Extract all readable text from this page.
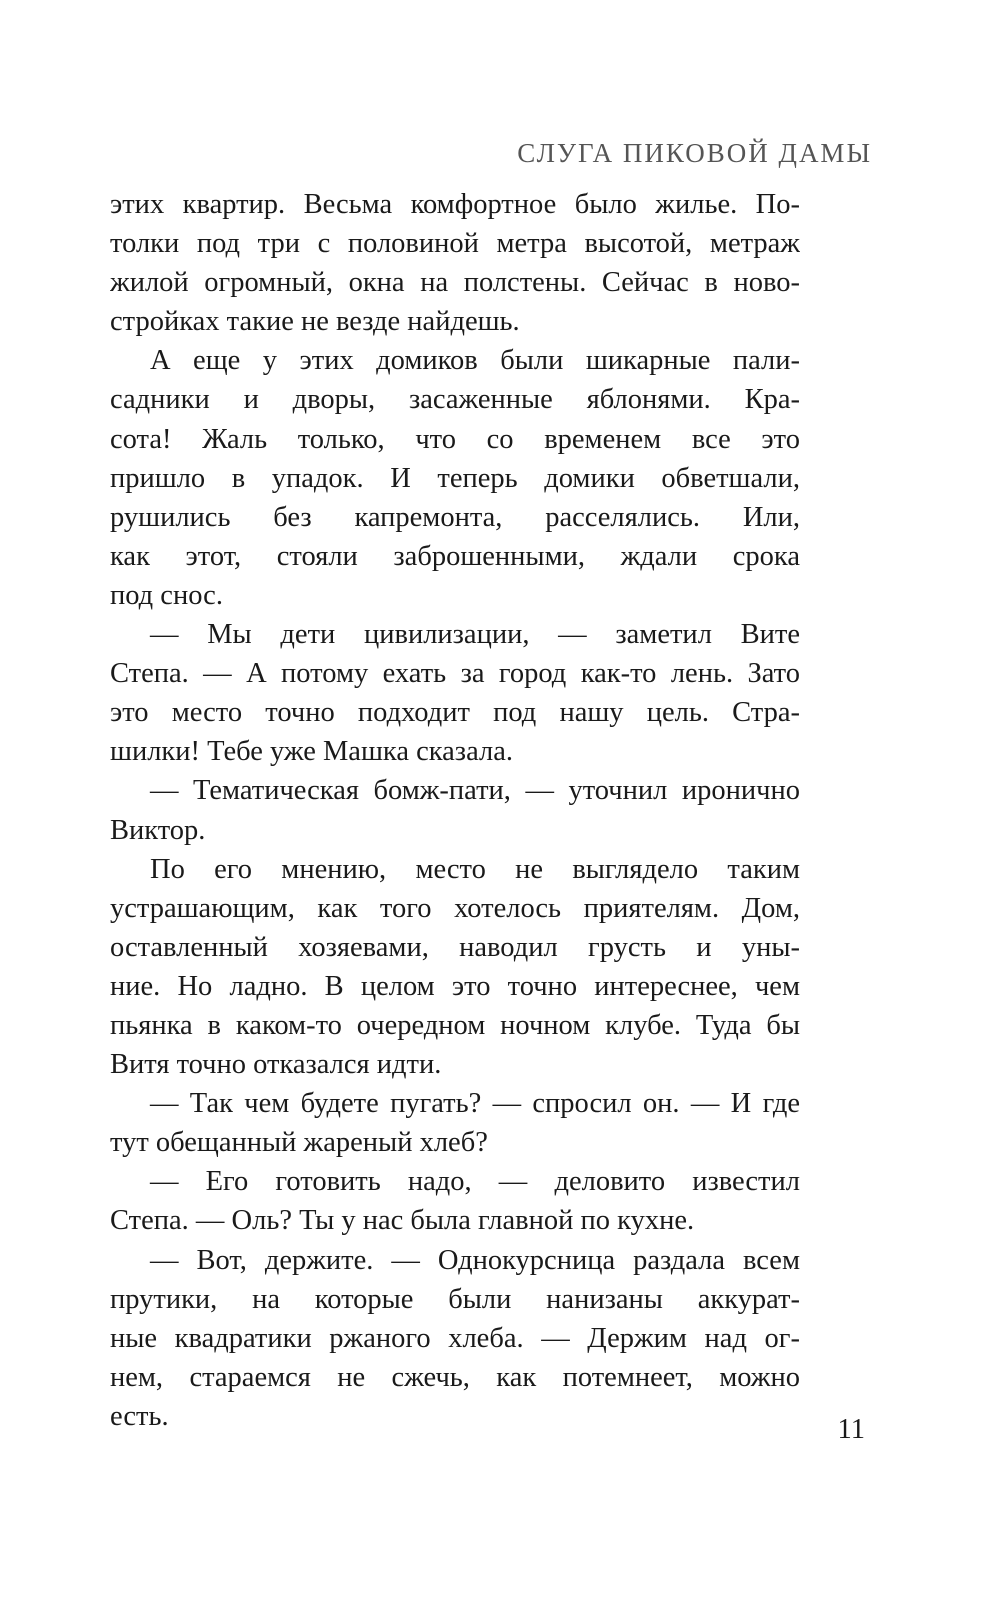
СЛУГА ПИКОВОЙ ДАМЫ
этих квартир. Весьма комфортное было жилье. По-
толки под три с половиной метра высотой, метраж
жилой огромный, окна на полстены. Сейчас в ново-
стройках такие не везде найдешь.
А еще у этих домиков были шикарные пали-
садники и дворы, засаженные яблонями. Кра-
сота! Жаль только, что со временем все это
пришло в упадок. И теперь домики обветшали,
рушились без капремонта, расселялись. Или,
как этот, стояли заброшенными, ждали срока
под снос.
— Мы дети цивилизации, — заметил Вите
Степа. — А потому ехать за город как-то лень. Зато
это место точно подходит под нашу цель. Стра-
шилки! Тебе уже Машка сказала.
— Тематическая бомж-пати, — уточнил иронично
Виктор.
По его мнению, место не выглядело таким
устрашающим, как того хотелось приятелям. Дом,
оставленный хозяевами, наводил грусть и уны-
ние. Но ладно. В целом это точно интереснее, чем
пьянка в каком-то очередном ночном клубе. Туда бы
Витя точно отказался идти.
— Так чем будете пугать? — спросил он. — И где
тут обещанный жареный хлеб?
— Его готовить надо, — деловито известил
Степа. — Оль? Ты у нас была главной по кухне.
— Вот, держите. — Однокурсница раздала всем
прутики, на которые были нанизаны аккурат-
ные квадратики ржаного хлеба. — Держим над ог-
нем, стараемся не сжечь, как потемнеет, можно
есть.	11
